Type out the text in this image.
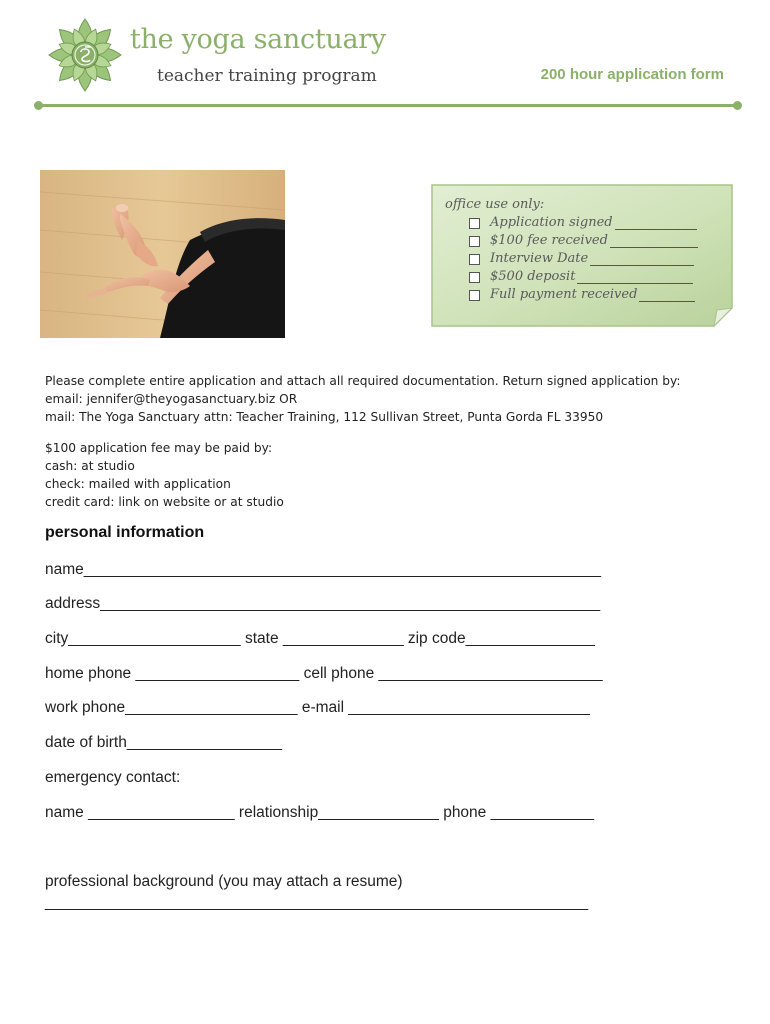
the yoga sanctuary
teacher training program	200 hour application form
office use only:
Application signed
$100 fee received
Interview Date
$500 deposit
Full payment received
Please complete entire application and attach all required documentation. Return signed application by:
email: jennifer@theyogasanctuary.biz OR
mail: The Yoga Sanctuary attn: Teacher Training, 112 Sullivan Street, Punta Gorda FL 33950
$100 application fee may be paid by:
cash: at studio
check: mailed with application
credit card: link on website or at studio
personal information
name____________________________________________________________
address__________________________________________________________
city____________________ state ______________ zip code_______________
home phone ___________________ cell phone __________________________
work phone____________________ e-mail ____________________________
date of birth__________________
emergency contact:
name _________________ relationship______________ phone ____________
professional background (you may attach a resume)
_______________________________________________________________
